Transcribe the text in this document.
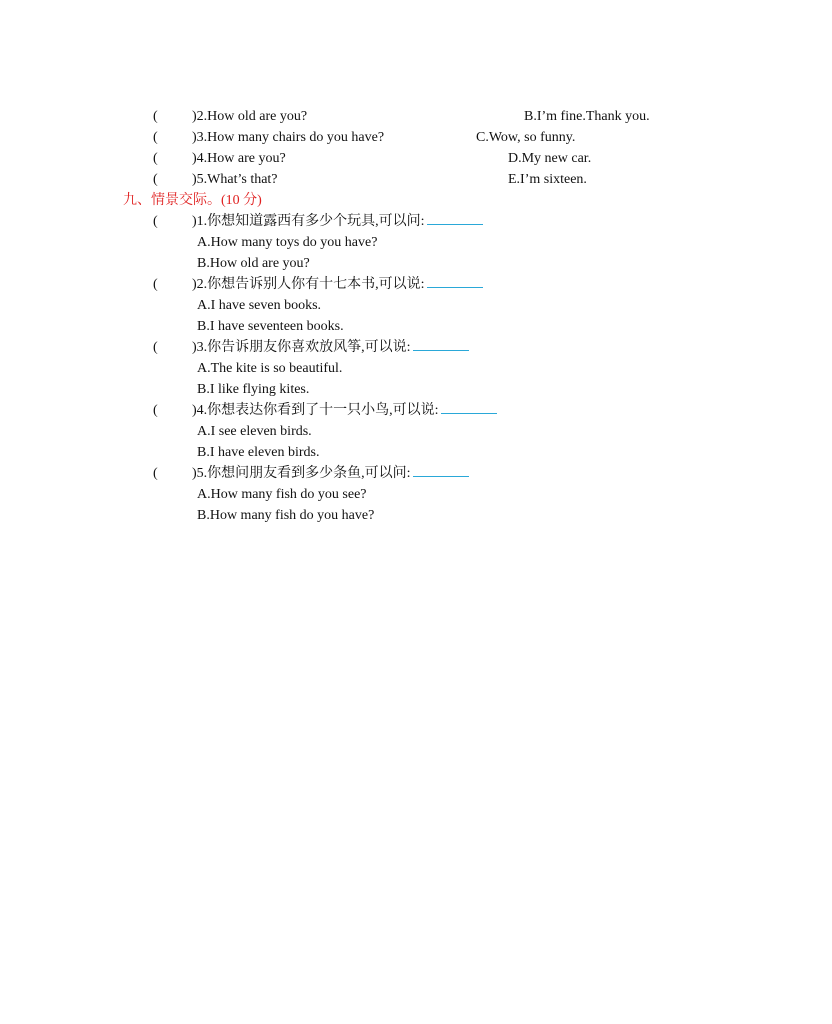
( )2.How old are you?	B.I’m fine.Thank you.
( )3.How many chairs do you have?	C.Wow, so funny.
( )4.How are you?	D.My new car.
( )5.What’s that?	E.I’m sixteen.
九、情景交际。(10 分)
( )1.你想知道露西有多少个玩具,可以问:
A.How many toys do you have?
B.How old are you?
( )2.你想告诉别人你有十七本书,可以说:
A.I have seven books.
B.I have seventeen books.
( )3.你告诉朋友你喜欢放风筝,可以说:
A.The kite is so beautiful.
B.I like flying kites.
( )4.你想表达你看到了十一只小鸟,可以说:
A.I see eleven birds.
B.I have eleven birds.
( )5.你想问朋友看到多少条鱼,可以问:
A.How many fish do you see?
B.How many fish do you have?
